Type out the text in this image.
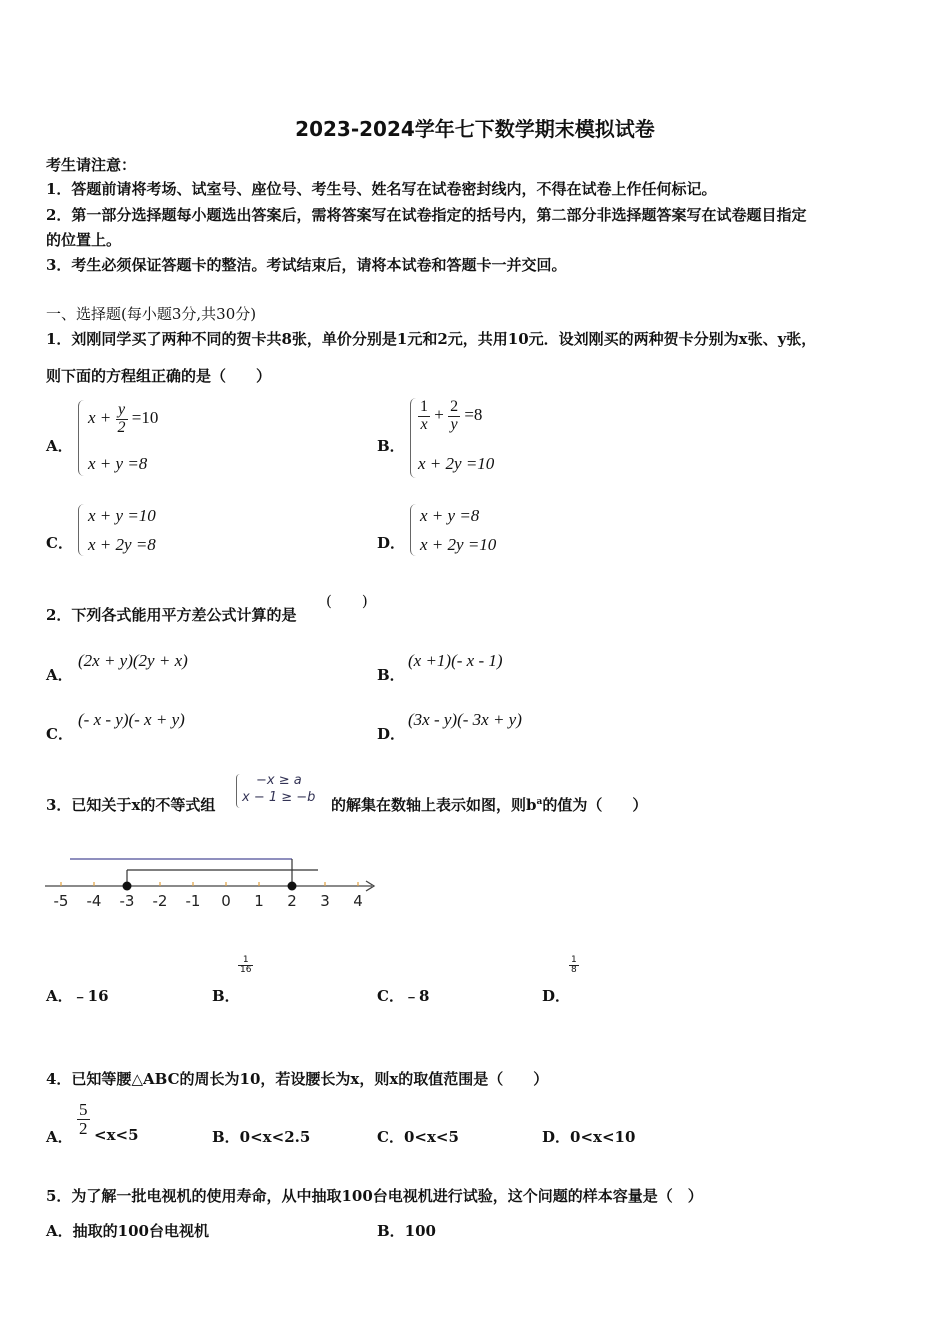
2023-2024学年七下数学期末模拟试卷
考生请注意：
1．答题前请将考场、试室号、座位号、考生号、姓名写在试卷密封线内，不得在试卷上作任何标记。
2．第一部分选择题每小题选出答案后，需将答案写在试卷指定的括号内，第二部分非选择题答案写在试卷题目指定
的位置上。
3．考生必须保证答题卡的整洁。考试结束后，请将本试卷和答题卡一并交回。
一、选择题(每小题3分,共30分)
1．刘刚同学买了两种不同的贺卡共8张，单价分别是1元和2元，共用10元．设刘刚买的两种贺卡分别为x张、y张，
则下面的方程组正确的是（　　）
A．
$x + \frac{y}{2} =10$
x + y =8
B．
$\frac{1}{x} + \frac{2}{y} =8$
x + 2y =10
C．
x + y =10
x + 2y =8	D．
x + y =8
x + 2y =10
2．下列各式能用平方差公式计算的是
(　　)
A．
(2x + y)(2y + x)
B．
(x +1)(- x - 1)
C．
(- x - y)(- x + y)
D．
(3x - y)(- 3x + y)
3．已知关于x的不等式组
−x ≥ a
x − 1 ≥ −b 的解集在数轴上表示如图，则$b^a$的值为（　　）
-5 -4 -3 -2 -1 0 1 2 3 4
A．﹣16	B．
$\frac{1}{16}$
C．﹣8	D．
$\frac{1}{8}$
4．已知等腰△ABC的周长为10，若设腰长为x，则x的取值范围是（　　）
A． $\frac{5}{2} <x<5$	B．0<x<2.5	C．0<x<5	D．0<x<10
5．为了解一批电视机的使用寿命，从中抽取100台电视机进行试验，这个问题的样本容量是（　）
A．抽取的100台电视机	B．100
